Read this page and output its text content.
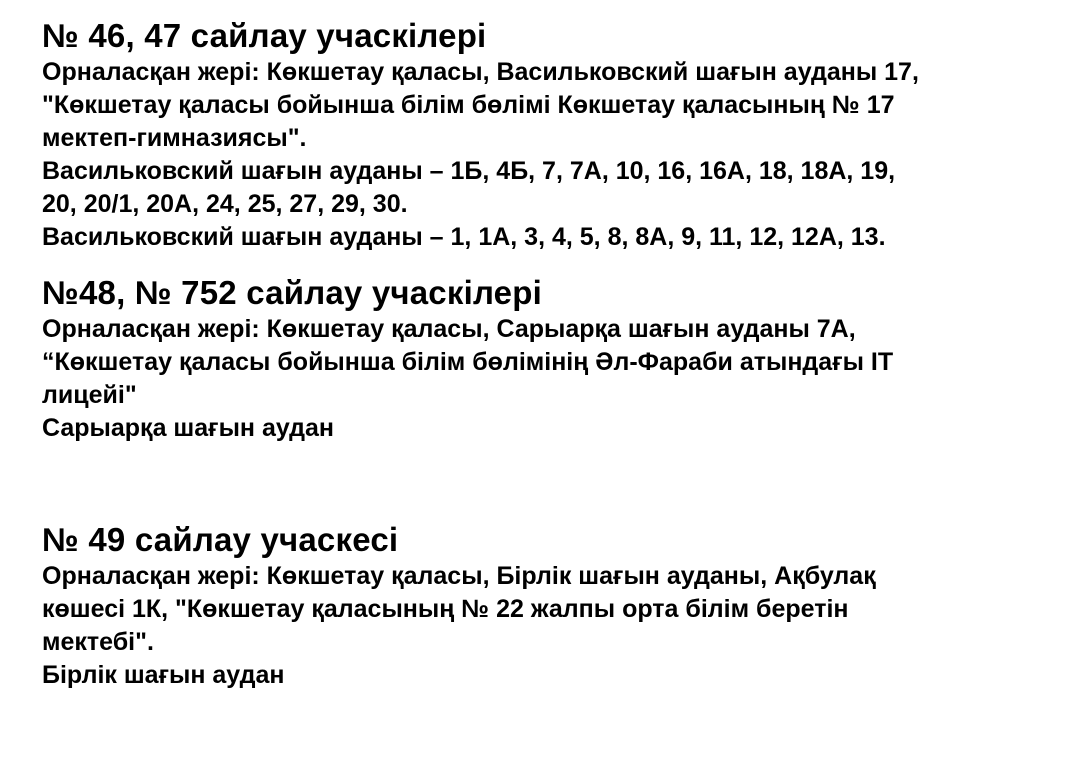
№ 46, 47 сайлау учаскілері

Орналасқан жері: Көкшетау қаласы, Васильковский шағын ауданы 17,

"Көкшетау қаласы бойынша білім бөлімі Көкшетау қаласының № 17

мектеп-гимназиясы".

Васильковский шағын ауданы – 1Б, 4Б, 7, 7А, 10, 16, 16А, 18, 18А, 19,

20, 20/1, 20А, 24, 25, 27, 29, 30.

Васильковский шағын ауданы – 1, 1А, 3, 4, 5, 8, 8А, 9, 11, 12, 12А, 13.

№48, № 752 сайлау учаскілері

Орналасқан жері: Көкшетау қаласы, Сарыарқа шағын ауданы 7А,

“Көкшетау қаласы бойынша білім бөлімінің Әл-Фараби атындағы IT

лицейі"

Сарыарқа шағын аудан

№ 49 сайлау учаскесі

Орналасқан жері: Көкшетау қаласы, Бірлік шағын ауданы, Ақбулақ

көшесі 1К, "Көкшетау қаласының № 22 жалпы орта білім беретін

мектебі".

Бірлік шағын аудан
